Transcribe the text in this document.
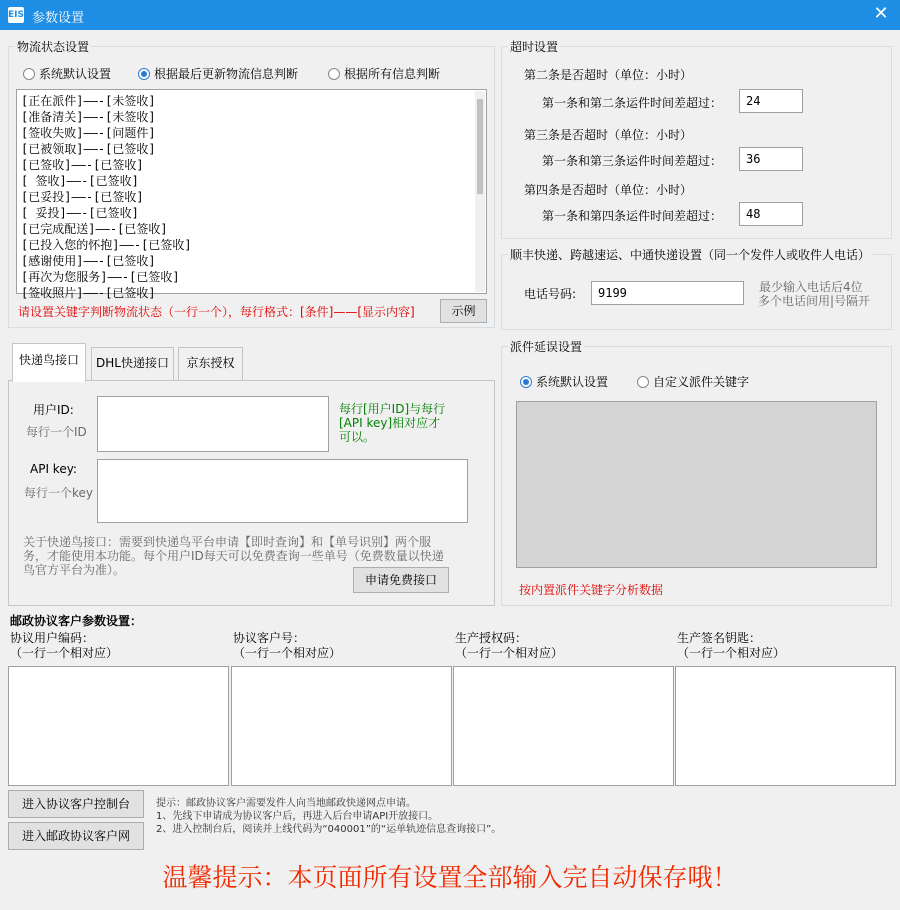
EIS 参数设置	✕
物流状态设置
系统默认设置	根据最后更新物流信息判断	根据所有信息判断
[正在派件]——-[未签收]
[准备清关]——-[未签收]
[签收失败]——-[问题件]
[已被领取]——-[已签收]
[已签收]——-[已签收]
[ 签收]——-[已签收]
[已妥投]——-[已签收]
[ 妥投]——-[已签收]
[已完成配送]——-[已签收]
[已投入您的怀抱]——-[已签收]
[感谢使用]——-[已签收]
[再次为您服务]——-[已签收]
[签收照片]——-[已签收]
请设置关键字判断物流状态（一行一个），每行格式：[条件]——[显示内容]	示例
超时设置
第二条是否超时（单位：小时）
第一条和第二条运件时间差超过：	24
第三条是否超时（单位：小时）
第一条和第三条运件时间差超过：	36
第四条是否超时（单位：小时）
第一条和第四条运件时间差超过：	48
顺丰快递、跨越速运、中通快递设置（同一个发件人或收件人电话）
电话号码:	9199	最少输入电话后4位
多个电话间用|号隔开
快递鸟接口	DHL快递接口	京东授权
用户ID:
每行一个ID
每行[用户ID]与每行
[API key]相对应才
可以。
API key:
每行一个key
关于快递鸟接口：需要到快递鸟平台申请【即时查询】和【单号识别】两个服
务，才能使用本功能。每个用户ID每天可以免费查询一些单号（免费数量以快递
鸟官方平台为准）。
申请免费接口
派件延误设置
系统默认设置	自定义派件关键字
按内置派件关键字分析数据
邮政协议客户参数设置：
协议用户编码：
（一行一个相对应）
协议客户号：
（一行一个相对应）
生产授权码：
（一行一个相对应）
生产签名钥匙：
（一行一个相对应）
进入协议客户控制台
进入邮政协议客户网
提示：邮政协议客户需要发件人向当地邮政快递网点申请。
1、先线下申请成为协议客户后，再进入后台申请API开放接口。
2、进入控制台后，阅读并上线代码为“040001”的“运单轨迹信息查询接口”。
温馨提示：本页面所有设置全部输入完自动保存哦！
